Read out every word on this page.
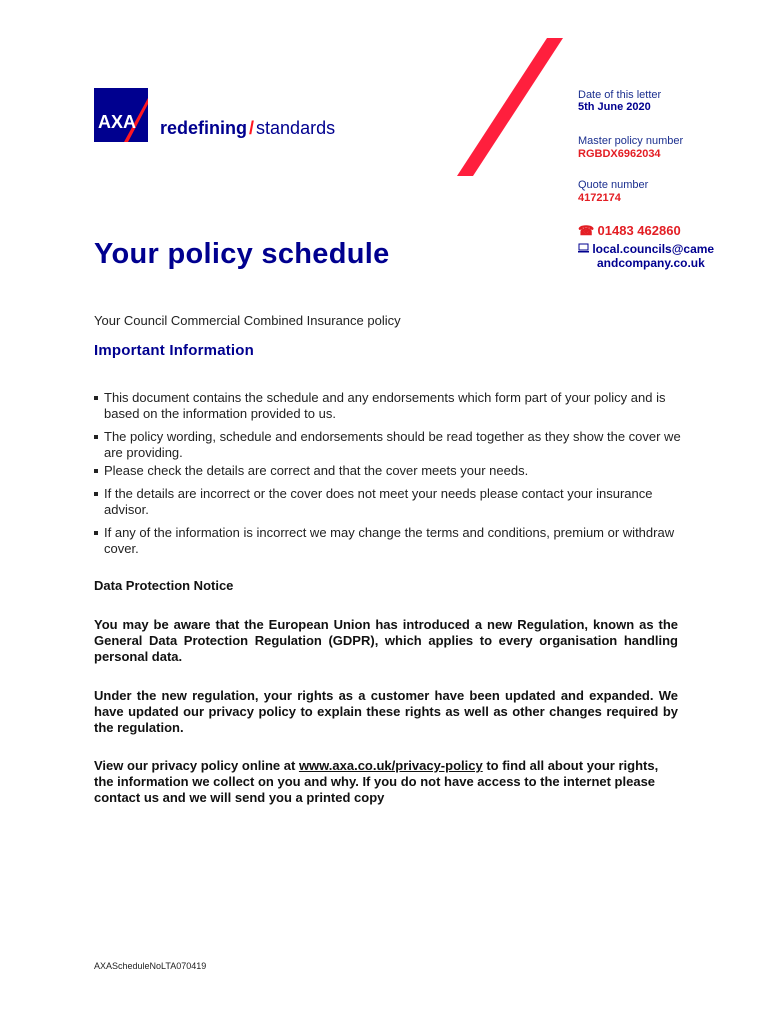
AXA redefining / standards
Date of this letter
5th June 2020
Master policy number
RGBDX6962034
Quote number
4172174
☎ 01483 462860
local.councils@came
andcompany.co.uk
Your policy schedule
Your Council Commercial Combined Insurance policy
Important Information
This document contains the schedule and any endorsements which form part of your policy and is based on the information provided to us.
The policy wording, schedule and endorsements should be read together as they show the cover we are providing.
Please check the details are correct and that the cover meets your needs.
If the details are incorrect or the cover does not meet your needs please contact your insurance advisor.
If any of the information is incorrect we may change the terms and conditions, premium or withdraw cover.
Data Protection Notice
You may be aware that the European Union has introduced a new Regulation, known as the General Data Protection Regulation (GDPR), which applies to every organisation handling personal data.
Under the new regulation, your rights as a customer have been updated and expanded. We have updated our privacy policy to explain these rights as well as other changes required by the regulation.
View our privacy policy online at www.axa.co.uk/privacy-policy to find all about your rights, the information we collect on you and why. If you do not have access to the internet please contact us and we will send you a printed copy
AXAScheduleNoLTA070419
